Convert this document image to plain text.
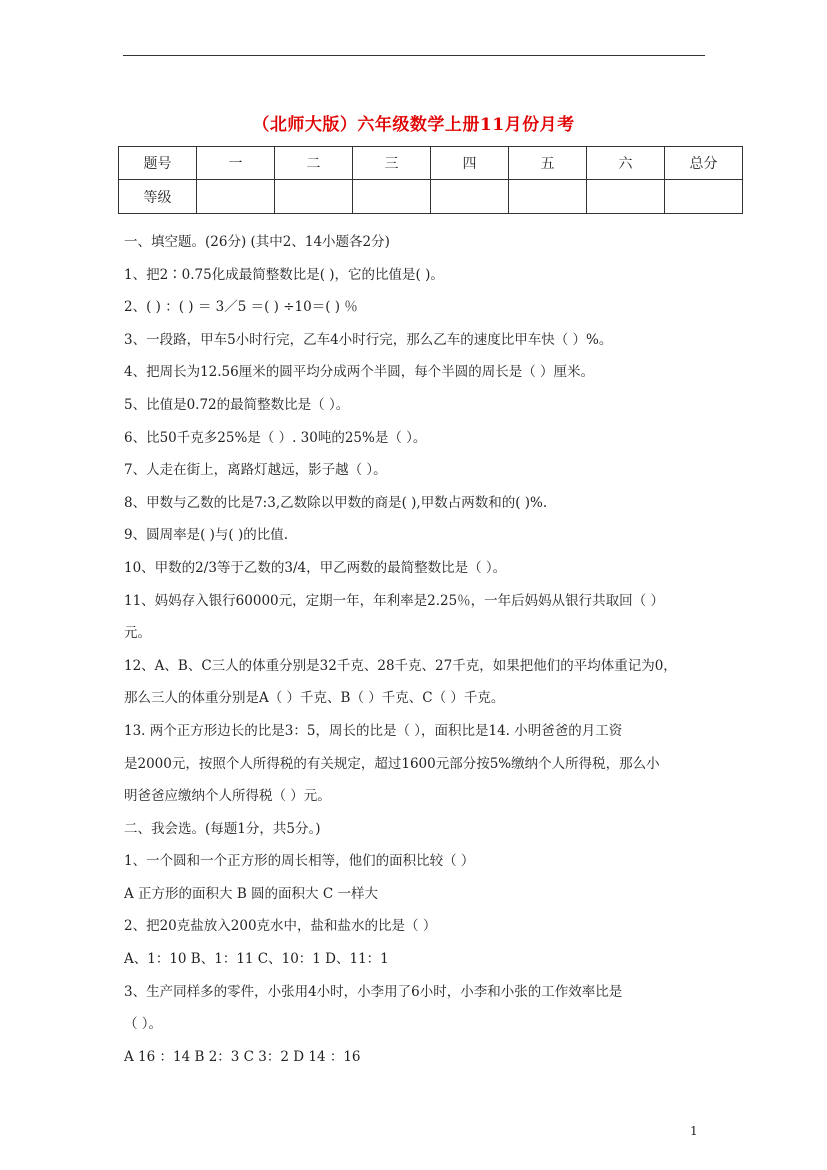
（北师大版）六年级数学上册11月份月考
题号	一	二	三	四	五	六	总分
等级							
一、填空题。(26分) (其中2、14小题各2分)
1、把2∶0.75化成最简整数比是( )，它的比值是( )。
2、( ) ：( ) ＝ 3／5 ＝( ) ÷10＝( ) ％
3、一段路，甲车5小时行完，乙车4小时行完，那么乙车的速度比甲车快（ ）%。
4、把周长为12.56厘米的圆平均分成两个半圆，每个半圆的周长是（ ）厘米。
5、比值是0.72的最简整数比是（ ）。
6、比50千克多25%是（ ）. 30吨的25%是（ ）。
7、人走在街上，离路灯越远，影子越（ ）。
8、甲数与乙数的比是7:3,乙数除以甲数的商是( ),甲数占两数和的( )%.
9、圆周率是( )与( )的比值.
10、甲数的2/3等于乙数的3/4，甲乙两数的最简整数比是（ ）。
11、妈妈存入银行60000元，定期一年，年利率是2.25％，一年后妈妈从银行共取回（ ）
元。
12、A、B、C三人的体重分别是32千克、28千克、27千克，如果把他们的平均体重记为0，
那么三人的体重分别是A（ ）千克、B（ ）千克、C（ ）千克。
13. 两个正方形边长的比是3：5，周长的比是（ ），面积比是14. 小明爸爸的月工资
是2000元，按照个人所得税的有关规定，超过1600元部分按5%缴纳个人所得税，那么小
明爸爸应缴纳个人所得税（ ）元。
二、我会选。(每题1分，共5分。)
1、一个圆和一个正方形的周长相等，他们的面积比较（ ）
A 正方形的面积大 B 圆的面积大 C 一样大
2、把20克盐放入200克水中，盐和盐水的比是（ ）
A、1：10 B、1：11 C、10：1 D、11：1
3、生产同样多的零件，小张用4小时，小李用了6小时，小李和小张的工作效率比是
（ ）。
A 16 ：14 B 2：3 C 3：2 D 14 ：16
1
